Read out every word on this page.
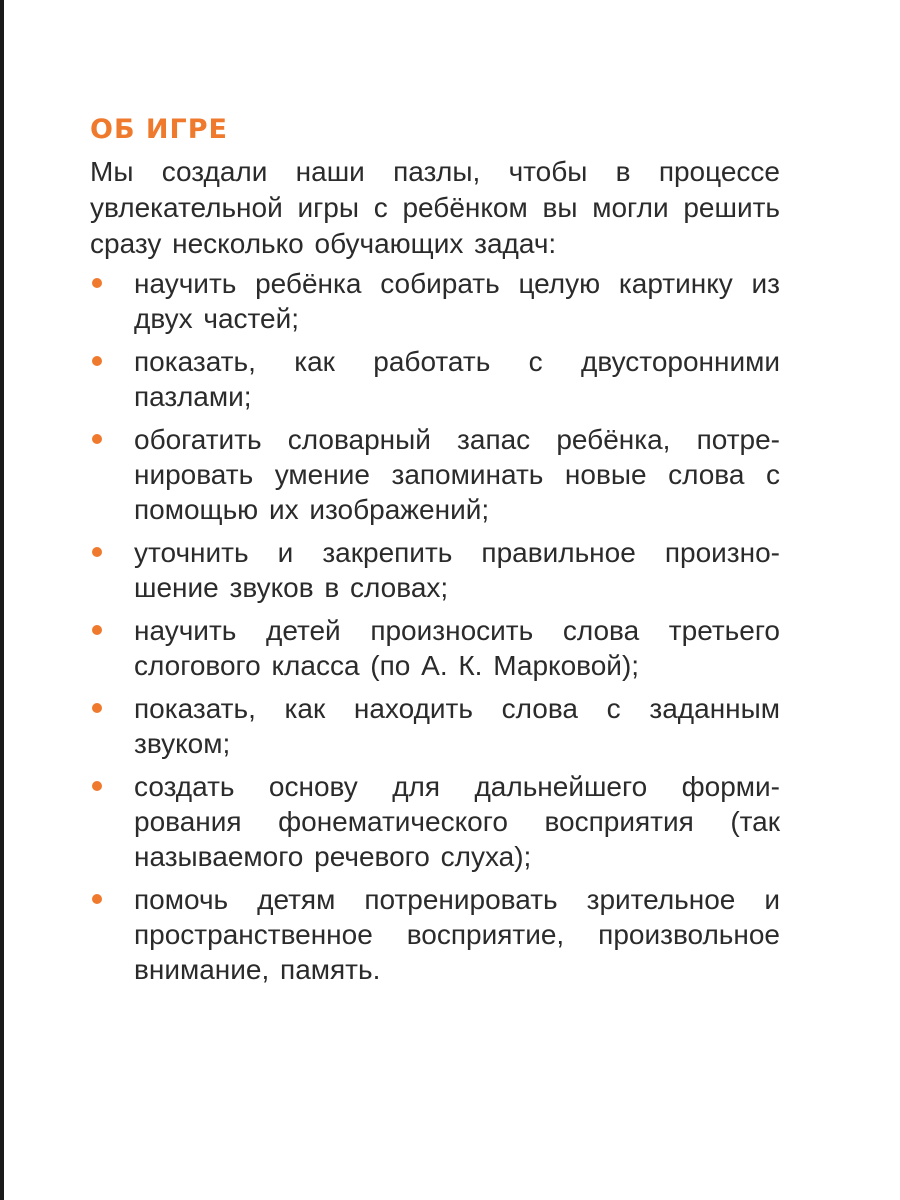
ОБ ИГРЕ

Мы создали наши пазлы, чтобы в процессе увлекательной игры с ребёнком вы могли решить сразу несколько обучающих задач:

научить ребёнка собирать целую картинку из двух частей;
показать, как работать с двусторонними пазлами;
обогатить словарный запас ребёнка, потренировать умение запоминать новые слова с помощью их изображений;
уточнить и закрепить правильное произношение звуков в словах;
научить детей произносить слова третьего слогового класса (по А. К. Марковой);
показать, как находить слова с заданным звуком;
создать основу для дальнейшего формирования фонематического восприятия (так называемого речевого слуха);
помочь детям потренировать зрительное и пространственное восприятие, произвольное внимание, память.
